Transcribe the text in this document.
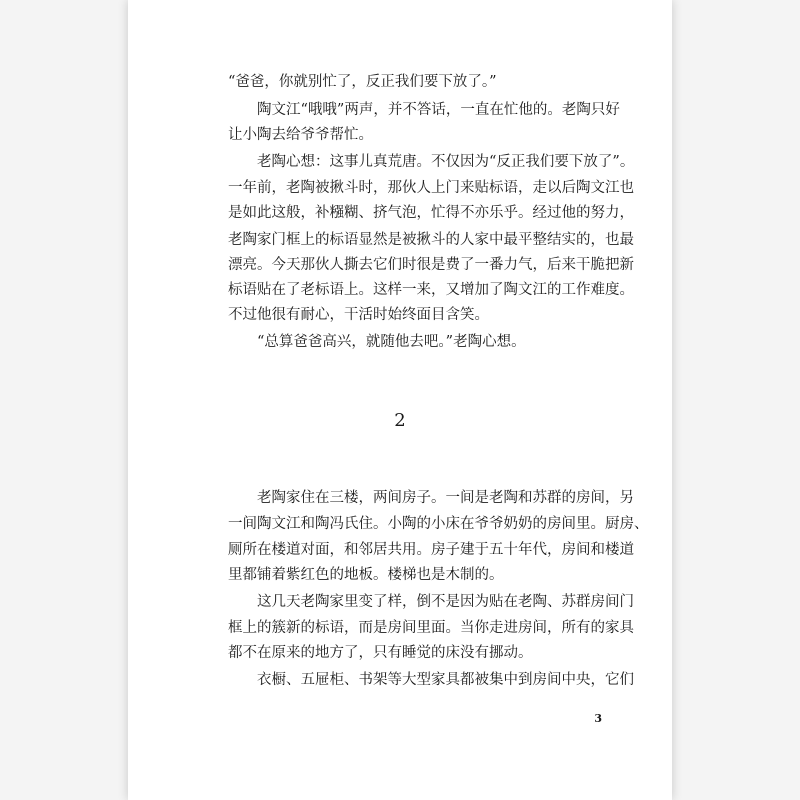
“爸爸，你就别忙了，反正我们要下放了。”
　　陶文江“哦哦”两声，并不答话，一直在忙他的。老陶只好
让小陶去给爷爷帮忙。
　　老陶心想：这事儿真荒唐。不仅因为“反正我们要下放了”。
一年前，老陶被揪斗时，那伙人上门来贴标语，走以后陶文江也
是如此这般，补糨糊、挤气泡，忙得不亦乐乎。经过他的努力，
老陶家门框上的标语显然是被揪斗的人家中最平整结实的，也最
漂亮。今天那伙人撕去它们时很是费了一番力气，后来干脆把新
标语贴在了老标语上。这样一来，又增加了陶文江的工作难度。
不过他很有耐心，干活时始终面目含笑。
　　“总算爸爸高兴，就随他去吧。”老陶心想。
2
　　老陶家住在三楼，两间房子。一间是老陶和苏群的房间，另
一间陶文江和陶冯氏住。小陶的小床在爷爷奶奶的房间里。厨房、
厕所在楼道对面，和邻居共用。房子建于五十年代，房间和楼道
里都铺着紫红色的地板。楼梯也是木制的。
　　这几天老陶家里变了样，倒不是因为贴在老陶、苏群房间门
框上的簇新的标语，而是房间里面。当你走进房间，所有的家具
都不在原来的地方了，只有睡觉的床没有挪动。
　　衣橱、五屉柜、书架等大型家具都被集中到房间中央，它们
3
